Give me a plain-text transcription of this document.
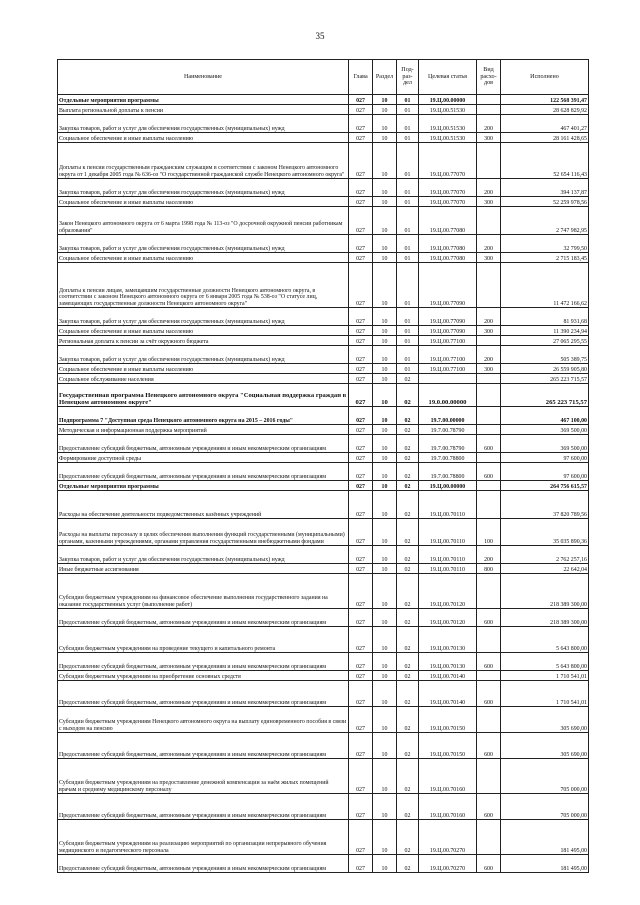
35
Наименование	Глава	Раздел	Под- раз- дел	Целевая статья	Вид расхо- дов	Исполнено
Отдельные мероприятия программы	027	10	01	19.Ц.00.00000		122 568 391,47
Выплата региональной доплаты к пенсии	027	10	01	19.Ц.00.51530		28 628 829,92
Закупка товаров, работ и услуг для обеспечения государственных (муниципальных) нужд	027	10	01	19.Ц.00.51530	200	467 401,27
Социальное обеспечение и иные выплаты населению	027	10	01	19.Ц.00.51530	300	28 161 428,65
Доплаты к пенсии государственным гражданским служащим в соответствии с законом Ненецкого автономного округа от 1 декабря 2005 года № 636-оз "О государственной гражданской службе Ненецкого автономного округа"	027	10	01	19.Ц.00.77070		52 654 116,43
Закупка товаров, работ и услуг для обеспечения государственных (муниципальных) нужд	027	10	01	19.Ц.00.77070	200	394 137,87
Социальное обеспечение и иные выплаты населению	027	10	01	19.Ц.00.77070	300	52 259 978,56
Закон Ненецкого автономного округа от 6 марта 1998 года № 113-оз "О досрочной окружной пенсии работникам образования"	027	10	01	19.Ц.00.77080		2 747 982,95
Закупка товаров, работ и услуг для обеспечения государственных (муниципальных) нужд	027	10	01	19.Ц.00.77080	200	32 799,50
Социальное обеспечение и иные выплаты населению	027	10	01	19.Ц.00.77080	300	2 715 183,45
Доплаты к пенсии лицам, замещавшим государственные должности Ненецкого автономного округа, в соответствии с законом Ненецкого автономного округа от 6 января 2005 года № 538-оз "О статусе лиц, замещающих государственные должности Ненецкого автономного округа"	027	10	01	19.Ц.00.77090		11 472 166,62
Закупка товаров, работ и услуг для обеспечения государственных (муниципальных) нужд	027	10	01	19.Ц.00.77090	200	81 931,68
Социальное обеспечение и иные выплаты населению	027	10	01	19.Ц.00.77090	300	11 390 234,94
Региональная доплата к пенсии за счёт окружного бюджета	027	10	01	19.Ц.00.77100		27 065 295,55
Закупка товаров, работ и услуг для обеспечения государственных (муниципальных) нужд	027	10	01	19.Ц.00.77100	200	505 389,75
Социальное обеспечение и иные выплаты населению	027	10	01	19.Ц.00.77100	300	26 559 905,80
Социальное обслуживание населения	027	10	02			265 223 715,57
Государственная программа Ненецкого автономного округа "Социальная поддержка граждан в Ненецком автономном округе"	027	10	02	19.0.00.00000		265 223 715,57
Подпрограмма 7 "Доступная среда Ненецкого автономного округа на 2015 – 2016 годы"	027	10	02	19.7.00.00000		467 100,00
Методическая и информационная поддержка мероприятий	027	10	02	19.7.00.78790		369 500,00
Предоставление субсидий бюджетным, автономным учреждениям и иным некоммерческим организациям	027	10	02	19.7.00.78790	600	369 500,00
Формирование доступной среды	027	10	02	19.7.00.78800		97 600,00
Предоставление субсидий бюджетным, автономным учреждениям и иным некоммерческим организациям	027	10	02	19.7.00.78800	600	97 600,00
Отдельные мероприятия программы	027	10	02	19.Ц.00.00000		264 756 615,57
Расходы на обеспечение деятельности подведомственных казённых учреждений	027	10	02	19.Ц.00.70110		37 820 789,56
Расходы на выплаты персоналу в целях обеспечения выполнения функций государственными (муниципальными) органами, казенными учреждениями, органами управления государственными внебюджетными фондами	027	10	02	19.Ц.00.70110	100	35 035 890,36
Закупка товаров, работ и услуг для обеспечения государственных (муниципальных) нужд	027	10	02	19.Ц.00.70110	200	2 762 257,16
Иные бюджетные ассигнования	027	10	02	19.Ц.00.70110	800	22 642,04
Субсидии бюджетным учреждениям на финансовое обеспечение выполнения государственного задания на оказание государственных услуг (выполнение работ)	027	10	02	19.Ц.00.70120		218 389 300,00
Предоставление субсидий бюджетным, автономным учреждениям и иным некоммерческим организациям	027	10	02	19.Ц.00.70120	600	218 389 300,00
Субсидии бюджетным учреждениям на проведение текущего и капитального ремонта	027	10	02	19.Ц.00.70130		5 643 800,00
Предоставление субсидий бюджетным, автономным учреждениям и иным некоммерческим организациям	027	10	02	19.Ц.00.70130	600	5 643 800,00
Субсидии бюджетным учреждениям на приобретение основных средств	027	10	02	19.Ц.00.70140		1 710 541,01
Предоставление субсидий бюджетным, автономным учреждениям и иным некоммерческим организациям	027	10	02	19.Ц.00.70140	600	1 710 541,01
Субсидии бюджетным учреждениям Ненецкого автономного округа на выплату единовременного пособия в связи с выходом на пенсию	027	10	02	19.Ц.00.70150		305 690,00
Предоставление субсидий бюджетным, автономным учреждениям и иным некоммерческим организациям	027	10	02	19.Ц.00.70150	600	305 690,00
Субсидии бюджетным учреждениям на предоставление денежной компенсации за наём жилых помещений врачам и среднему медицинскому персоналу	027	10	02	19.Ц.00.70160		705 000,00
Предоставление субсидий бюджетным, автономным учреждениям и иным некоммерческим организациям	027	10	02	19.Ц.00.70160	600	705 000,00
Субсидии бюджетным учреждениям на реализацию мероприятий по организации непрерывного обучения медицинского и педагогического персонала	027	10	02	19.Ц.00.70270		181 495,00
Предоставление субсидий бюджетным, автономным учреждениям и иным некоммерческим организациям	027	10	02	19.Ц.00.70270	600	181 495,00
